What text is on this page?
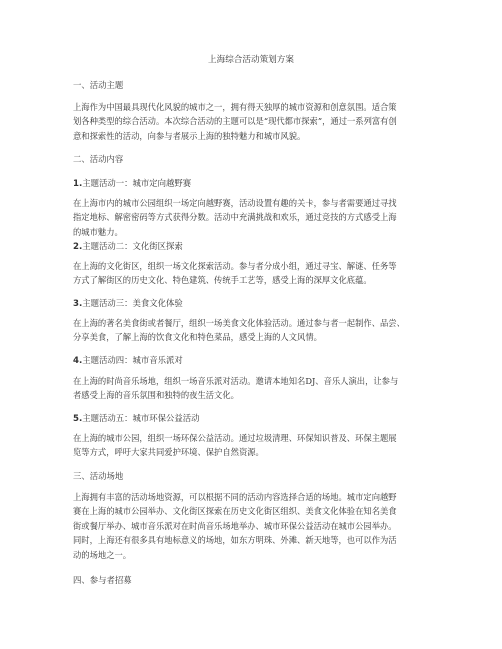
上海综合活动策划方案
一、活动主题
上海作为中国最具现代化风貌的城市之一，拥有得天独厚的城市资源和创意氛围。适合策
划各种类型的综合活动。本次综合活动的主题可以是“现代都市探索”，通过一系列富有创
意和探索性的活动，向参与者展示上海的独特魅力和城市风貌。
二、活动内容
1.主题活动一：城市定向越野赛
在上海市内的城市公园组织一场定向越野赛，活动设置有趣的关卡，参与者需要通过寻找
指定地标、解密密码等方式获得分数。活动中充满挑战和欢乐，通过竞技的方式感受上海
的城市魅力。
2.主题活动二：文化街区探索
在上海的文化街区，组织一场文化探索活动。参与者分成小组，通过寻宝、解谜、任务等
方式了解街区的历史文化、特色建筑、传统手工艺等，感受上海的深厚文化底蕴。
3.主题活动三：美食文化体验
在上海的著名美食街或者餐厅，组织一场美食文化体验活动。通过参与者一起制作、品尝、
分享美食，了解上海的饮食文化和特色菜品，感受上海的人文风情。
4.主题活动四：城市音乐派对
在上海的时尚音乐场地，组织一场音乐派对活动。邀请本地知名DJ、音乐人演出，让参与
者感受上海的音乐氛围和独特的夜生活文化。
5.主题活动五：城市环保公益活动
在上海的城市公园，组织一场环保公益活动。通过垃圾清理、环保知识普及、环保主题展
览等方式，呼吁大家共同爱护环境、保护自然资源。
三、活动场地
上海拥有丰富的活动场地资源，可以根据不同的活动内容选择合适的场地。城市定向越野
赛在上海的城市公园举办、文化街区探索在历史文化街区组织、美食文化体验在知名美食
街或餐厅举办、城市音乐派对在时尚音乐场地举办、城市环保公益活动在城市公园举办。
同时，上海还有很多具有地标意义的场地，如东方明珠、外滩、新天地等，也可以作为活
动的场地之一。
四、参与者招募
